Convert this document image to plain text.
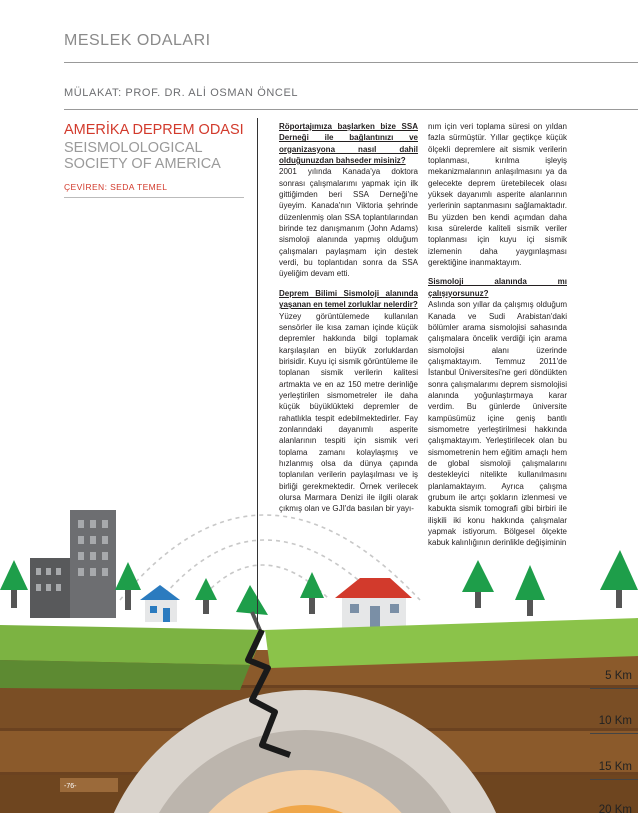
MESLEK ODALARI
MÜLAKAT: PROF. DR. ALİ OSMAN ÖNCEL
AMERİKA DEPREM ODASI
SEISMOLOLOGICAL
SOCIETY OF AMERICA
ÇEVİREN: SEDA TEMEL
Röportajımıza başlarken bize SSA Derneği ile bağlantınızı ve organizasyona nasıl dahil olduğunuzdan bahseder misiniz?
2001 yılında Kanada'ya doktora sonrası çalışmalarımı yapmak için ilk gittiğimden beri SSA Derneği'ne üyeyim. Kanada'nın Viktoria şehrinde düzenlenmiş olan SSA toplantılarından birinde tez danışmanım (John Adams) sismoloji alanında yapmış olduğum çalışmaları paylaşmam için destek verdi, bu toplantıdan sonra da SSA üyeliğim devam etti.
Deprem Bilimi Sismoloji alanında yaşanan en temel zorluklar nelerdir?
Yüzey görüntülemede kullanılan sensörler ile kısa zaman içinde küçük depremler hakkında bilgi toplamak karşılaşılan en büyük zorluklardan birisidir. Kuyu içi sismik görüntüleme ile toplanan sismik verilerin kalitesi artmakta ve en az 150 metre derinliğe yerleştirilen sismometreler ile daha küçük büyüklükteki depremler de rahatlıkla tespit edebilmektedirler. Fay zonlarındaki dayanımlı asperite alanlarının tespiti için sismik veri toplama zamanı kolaylaşmış ve hızlanmış olsa da dünya çapında toplanılan verilerin paylaşılması ve iş birliği gerekmektedir. Örnek verilecek olursa Marmara Denizi ile ilgili olarak çıkmış olan ve GJI'da basılan bir yayı-
nım için veri toplama süresi on yıldan fazla sürmüştür. Yıllar geçtikçe küçük ölçekli depremlere ait sismik verilerin toplanması, kırılma işleyiş mekanizmalarının anlaşılmasını ya da gelecekte deprem üretebilecek olası yüksek dayanımlı asperite alanlarının yerlerinin saptanmasını sağlamaktadır. Bu yüzden ben kendi açımdan daha kısa sürelerde kaliteli sismik veriler toplanması için kuyu içi sismik izlemenin daha yaygınlaşması gerektiğine inanmaktayım.
Sismoloji alanında mı çalışıyorsunuz?
Aslında son yıllar da çalışmış olduğum Kanada ve Sudi Arabistan'daki bölümler arama sismolojisi sahasında çalışmalara öncelik verdiği için arama sismolojisi alanı üzerinde çalışmaktayım. Temmuz 2011'de İstanbul Üniversitesi'ne geri döndükten sonra çalışmalarımı deprem sismolojisi alanında yoğunlaştırmaya karar verdim. Bu günlerde üniversite kampüsümüz içine geniş bantlı sismometre yerleştirilmesi hakkında çalışmaktayım. Yerleştirilecek olan bu sismometrenin hem eğitim amaçlı hem de global sismoloji çalışmalarını destekleyici nitelikte kullanılmasını planlamaktayım. Ayrıca çalışma grubum ile artçı şokların izlenmesi ve kabukta sismik tomografi gibi birbiri ile ilişkili iki konu hakkında çalışmalar yapmak istiyorum. Bölgesel ölçekte kabuk kalınlığının derinlikle değişiminin
5 Km
10 Km
15 Km
20 Km
-76-
